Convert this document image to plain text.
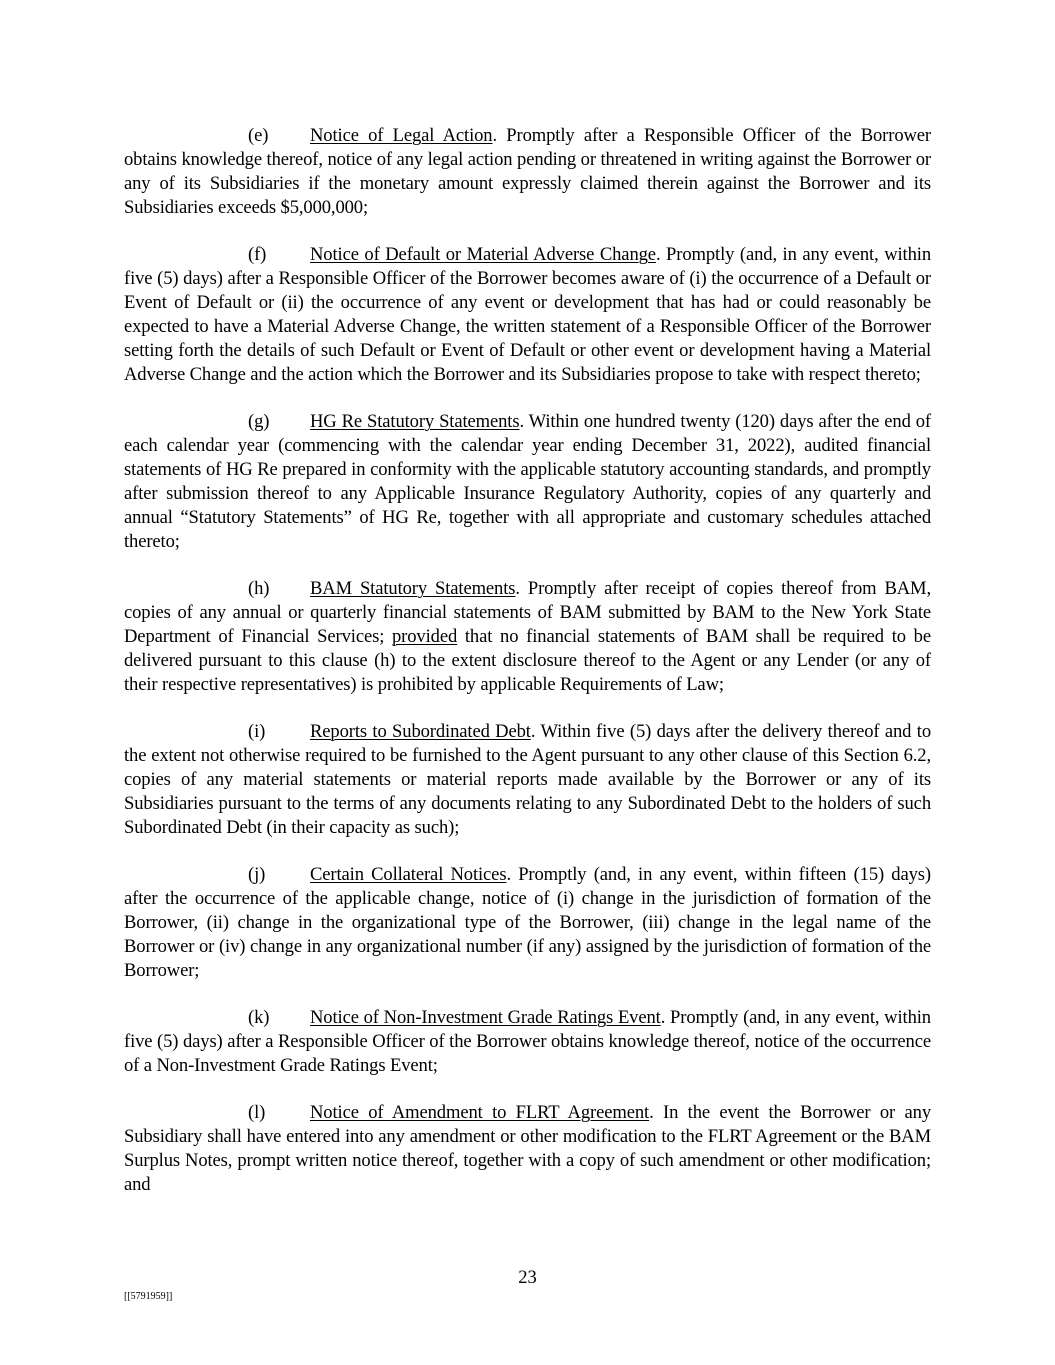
(e) Notice of Legal Action. Promptly after a Responsible Officer of the Borrower obtains knowledge thereof, notice of any legal action pending or threatened in writing against the Borrower or any of its Subsidiaries if the monetary amount expressly claimed therein against the Borrower and its Subsidiaries exceeds $5,000,000;

(f) Notice of Default or Material Adverse Change. Promptly (and, in any event, within five (5) days) after a Responsible Officer of the Borrower becomes aware of (i) the occurrence of a Default or Event of Default or (ii) the occurrence of any event or development that has had or could reasonably be expected to have a Material Adverse Change, the written statement of a Responsible Officer of the Borrower setting forth the details of such Default or Event of Default or other event or development having a Material Adverse Change and the action which the Borrower and its Subsidiaries propose to take with respect thereto;

(g) HG Re Statutory Statements. Within one hundred twenty (120) days after the end of each calendar year (commencing with the calendar year ending December 31, 2022), audited financial statements of HG Re prepared in conformity with the applicable statutory accounting standards, and promptly after submission thereof to any Applicable Insurance Regulatory Authority, copies of any quarterly and annual “Statutory Statements” of HG Re, together with all appropriate and customary schedules attached thereto;

(h) BAM Statutory Statements. Promptly after receipt of copies thereof from BAM, copies of any annual or quarterly financial statements of BAM submitted by BAM to the New York State Department of Financial Services; provided that no financial statements of BAM shall be required to be delivered pursuant to this clause (h) to the extent disclosure thereof to the Agent or any Lender (or any of their respective representatives) is prohibited by applicable Requirements of Law;

(i) Reports to Subordinated Debt. Within five (5) days after the delivery thereof and to the extent not otherwise required to be furnished to the Agent pursuant to any other clause of this Section 6.2, copies of any material statements or material reports made available by the Borrower or any of its Subsidiaries pursuant to the terms of any documents relating to any Subordinated Debt to the holders of such Subordinated Debt (in their capacity as such);

(j) Certain Collateral Notices. Promptly (and, in any event, within fifteen (15) days) after the occurrence of the applicable change, notice of (i) change in the jurisdiction of formation of the Borrower, (ii) change in the organizational type of the Borrower, (iii) change in the legal name of the Borrower or (iv) change in any organizational number (if any) assigned by the jurisdiction of formation of the Borrower;

(k) Notice of Non-Investment Grade Ratings Event. Promptly (and, in any event, within five (5) days) after a Responsible Officer of the Borrower obtains knowledge thereof, notice of the occurrence of a Non-Investment Grade Ratings Event;

(l) Notice of Amendment to FLRT Agreement. In the event the Borrower or any Subsidiary shall have entered into any amendment or other modification to the FLRT Agreement or the BAM Surplus Notes, prompt written notice thereof, together with a copy of such amendment or other modification; and

23
[[5791959]]
